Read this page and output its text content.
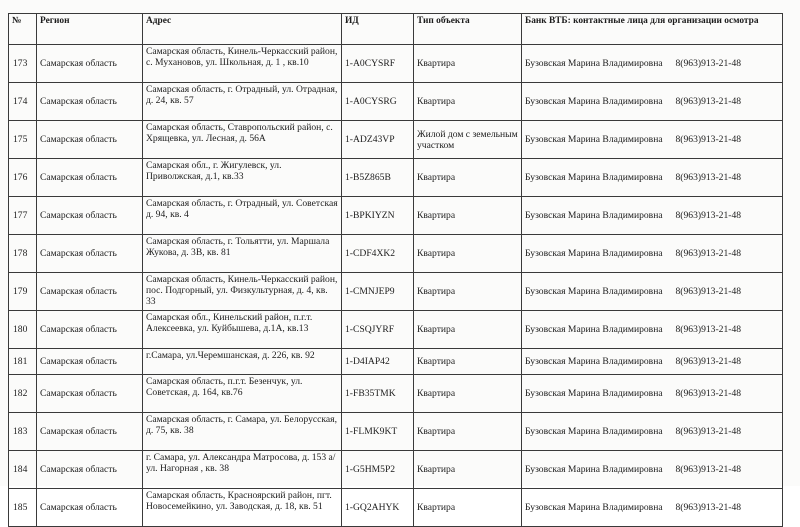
№	Регион	Адрес	ИД	Тип объекта	Банк ВТБ: контактные лица для организации осмотра	
173	Самарская область	Самарская область, Кинель-Черкасский район, с. Мухановов, ул. Школьная, д. 1 , кв.10	1-A0CYSRF	Квартира	Бузовская Марина Владимировна	8(963)913-21-48
174	Самарская область	Самарская область, г. Отрадный, ул. Отрадная, д. 24, кв. 57	1-A0CYSRG	Квартира	Бузовская Марина Владимировна	8(963)913-21-48
175	Самарская область	Самарская область, Ставропольский район, с. Хрящевка, ул. Лесная, д. 56А	1-ADZ43VP	Жилой дом с земельным участком	Бузовская Марина Владимировна	8(963)913-21-48
176	Самарская область	Самарская обл., г. Жигулевск, ул. Приволжская, д.1, кв.33	1-B5Z865B	Квартира	Бузовская Марина Владимировна	8(963)913-21-48
177	Самарская область	Самарская область, г. Отрадный, ул. Советская д. 94, кв. 4	1-BPKIYZN	Квартира	Бузовская Марина Владимировна	8(963)913-21-48
178	Самарская область	Самарская область, г. Тольятти, ул. Маршала Жукова, д. 3В, кв. 81	1-CDF4XK2	Квартира	Бузовская Марина Владимировна	8(963)913-21-48
179	Самарская область	Самарская область, Кинель-Черкасский район, пос. Подгорный, ул. Физкультурная, д. 4, кв. 33	1-CMNJEP9	Квартира	Бузовская Марина Владимировна	8(963)913-21-48
180	Самарская область	Самарская обл., Кинельский район, п.г.т. Алексеевка, ул. Куйбышева, д.1А, кв.13	1-CSQJYRF	Квартира	Бузовская Марина Владимировна	8(963)913-21-48
181	Самарская область	г.Самара, ул.Черемшанская, д. 226, кв. 92	1-D4IAP42	Квартира	Бузовская Марина Владимировна	8(963)913-21-48
182	Самарская область	Самарская область, п.г.т. Безенчук, ул. Советская, д. 164, кв.76	1-FB35TMK	Квартира	Бузовская Марина Владимировна	8(963)913-21-48
183	Самарская область	Самарская область, г. Самара, ул. Белорусская, д. 75, кв. 38	1-FLMK9KT	Квартира	Бузовская Марина Владимировна	8(963)913-21-48
184	Самарская область	г. Самара, ул. Александра Матросова, д. 153 а/ул. Нагорная , кв. 38	1-G5HM5P2	Квартира	Бузовская Марина Владимировна	8(963)913-21-48
185	Самарская область	Самарская область, Красноярский район, пгт. Новосемейкино, ул. Заводская, д. 18, кв. 51	1-GQ2AHYK	Квартира	Бузовская Марина Владимировна	8(963)913-21-48
